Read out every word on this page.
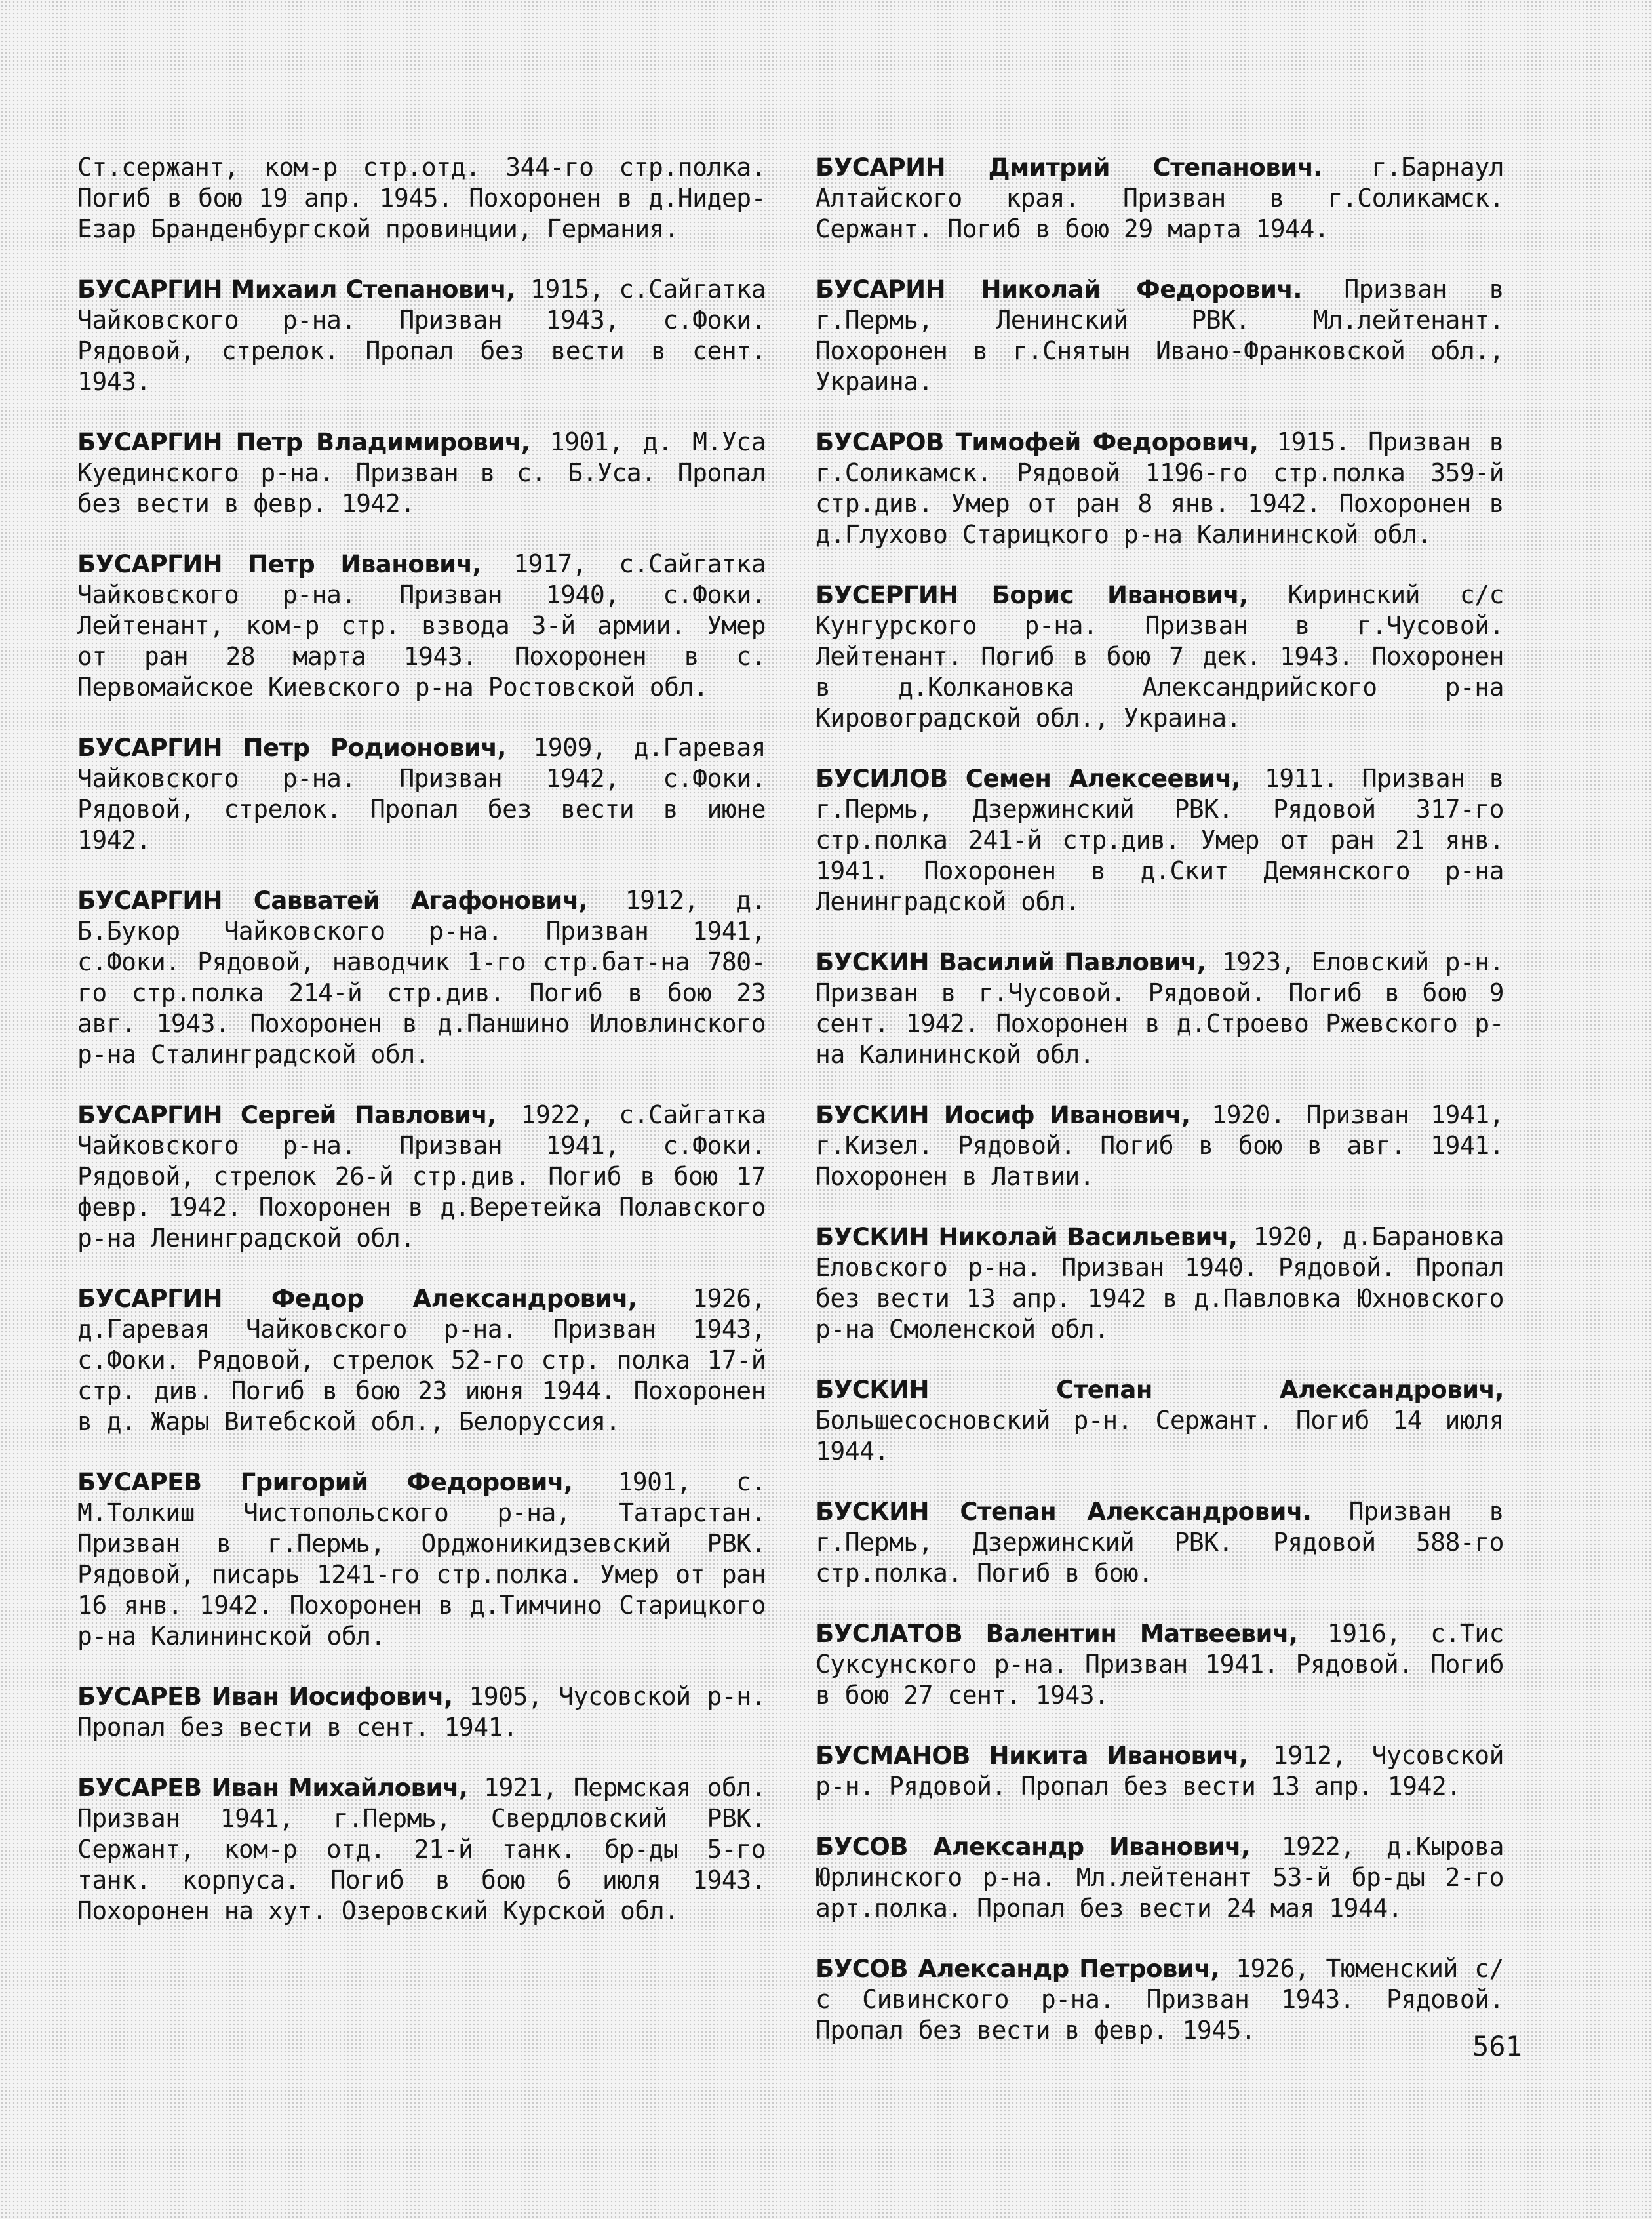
Ст.сержант, ком-р стр.отд. 344-го стр.полка. Погиб в бою 19 апр. 1945. Похоронен в д.Нидер-Езар Бранденбургской провинции, Германия.

БУСАРГИН Михаил Степанович, 1915, с.Сайгатка Чайковского р-на. Призван 1943, с.Фоки. Рядовой, стрелок. Пропал без вести в сент. 1943.

БУСАРГИН Петр Владимирович, 1901, д. М.Уса Куединского р-на. Призван в с. Б.Уса. Пропал без вести в февр. 1942.

БУСАРГИН Петр Иванович, 1917, с.Сайгатка Чайковского р-на. Призван 1940, с.Фоки. Лейтенант, ком-р стр. взвода 3-й армии. Умер от ран 28 марта 1943. Похоронен в с. Первомайское Киевского р-на Ростовской обл.

БУСАРГИН Петр Родионович, 1909, д.Гаревая Чайковского р-на. Призван 1942, с.Фоки. Рядовой, стрелок. Пропал без вести в июне 1942.

БУСАРГИН Савватей Агафонович, 1912, д. Б.Букор Чайковского р-на. Призван 1941, с.Фоки. Рядовой, наводчик 1-го стр.бат-на 780-го стр.полка 214-й стр.див. Погиб в бою 23 авг. 1943. Похоронен в д.Паншино Иловлинского р-на Сталинградской обл.

БУСАРГИН Сергей Павлович, 1922, с.Сайгатка Чайковского р-на. Призван 1941, с.Фоки. Рядовой, стрелок 26-й стр.див. Погиб в бою 17 февр. 1942. Похоронен в д.Веретейка Полавского р-на Ленинградской обл.

БУСАРГИН Федор Александрович, 1926, д.Гаревая Чайковского р-на. Призван 1943, с.Фоки. Рядовой, стрелок 52-го стр. полка 17-й стр. див. Погиб в бою 23 июня 1944. Похоронен в д. Жары Витебской обл., Белоруссия.

БУСАРЕВ Григорий Федорович, 1901, с. М.Толкиш Чистопольского р-на, Татарстан. Призван в г.Пермь, Орджоникидзевский РВК. Рядовой, писарь 1241-го стр.полка. Умер от ран 16 янв. 1942. Похоронен в д.Тимчино Старицкого р-на Калининской обл.

БУСАРЕВ Иван Иосифович, 1905, Чусовской р-н. Пропал без вести в сент. 1941.

БУСАРЕВ Иван Михайлович, 1921, Пермская обл. Призван 1941, г.Пермь, Свердловский РВК. Сержант, ком-р отд. 21-й танк. бр-ды 5-го танк. корпуса. Погиб в бою 6 июля 1943. Похоронен на хут. Озеровский Курской обл.

БУСАРИН Дмитрий Степанович. г.Барнаул Алтайского края. Призван в г.Соликамск. Сержант. Погиб в бою 29 марта 1944.

БУСАРИН Николай Федорович. Призван в г.Пермь, Ленинский РВК. Мл.лейтенант. Похоронен в г.Снятын Ивано-Франковской обл., Украина.

БУСАРОВ Тимофей Федорович, 1915. Призван в г.Соликамск. Рядовой 1196-го стр.полка 359-й стр.див. Умер от ран 8 янв. 1942. Похоронен в д.Глухово Старицкого р-на Калининской обл.

БУСЕРГИН Борис Иванович, Киринский с/с Кунгурского р-на. Призван в г.Чусовой. Лейтенант. Погиб в бою 7 дек. 1943. Похоронен в д.Колкановка Александрийского р-на Кировоградской обл., Украина.

БУСИЛОВ Семен Алексеевич, 1911. Призван в г.Пермь, Дзержинский РВК. Рядовой 317-го стр.полка 241-й стр.див. Умер от ран 21 янв. 1941. Похоронен в д.Скит Демянского р-на Ленинградской обл.

БУСКИН Василий Павлович, 1923, Еловский р-н. Призван в г.Чусовой. Рядовой. Погиб в бою 9 сент. 1942. Похоронен в д.Строево Ржевского р-на Калининской обл.

БУСКИН Иосиф Иванович, 1920. Призван 1941, г.Кизел. Рядовой. Погиб в бою в авг. 1941. Похоронен в Латвии.

БУСКИН Николай Васильевич, 1920, д.Барановка Еловского р-на. Призван 1940. Рядовой. Пропал без вести 13 апр. 1942 в д.Павловка Юхновского р-на Смоленской обл.

БУСКИН Степан Александрович, Большесосновский р-н. Сержант. Погиб 14 июля 1944.

БУСКИН Степан Александрович. Призван в г.Пермь, Дзержинский РВК. Рядовой 588-го стр.полка. Погиб в бою.

БУСЛАТОВ Валентин Матвеевич, 1916, с.Тис Суксунского р-на. Призван 1941. Рядовой. Погиб в бою 27 сент. 1943.

БУСМАНОВ Никита Иванович, 1912, Чусовской р-н. Рядовой. Пропал без вести 13 апр. 1942.

БУСОВ Александр Иванович, 1922, д.Кырова Юрлинского р-на. Мл.лейтенант 53-й бр-ды 2-го арт.полка. Пропал без вести 24 мая 1944.

БУСОВ Александр Петрович, 1926, Тюменский с/с Сивинского р-на. Призван 1943. Рядовой. Пропал без вести в февр. 1945.	561
